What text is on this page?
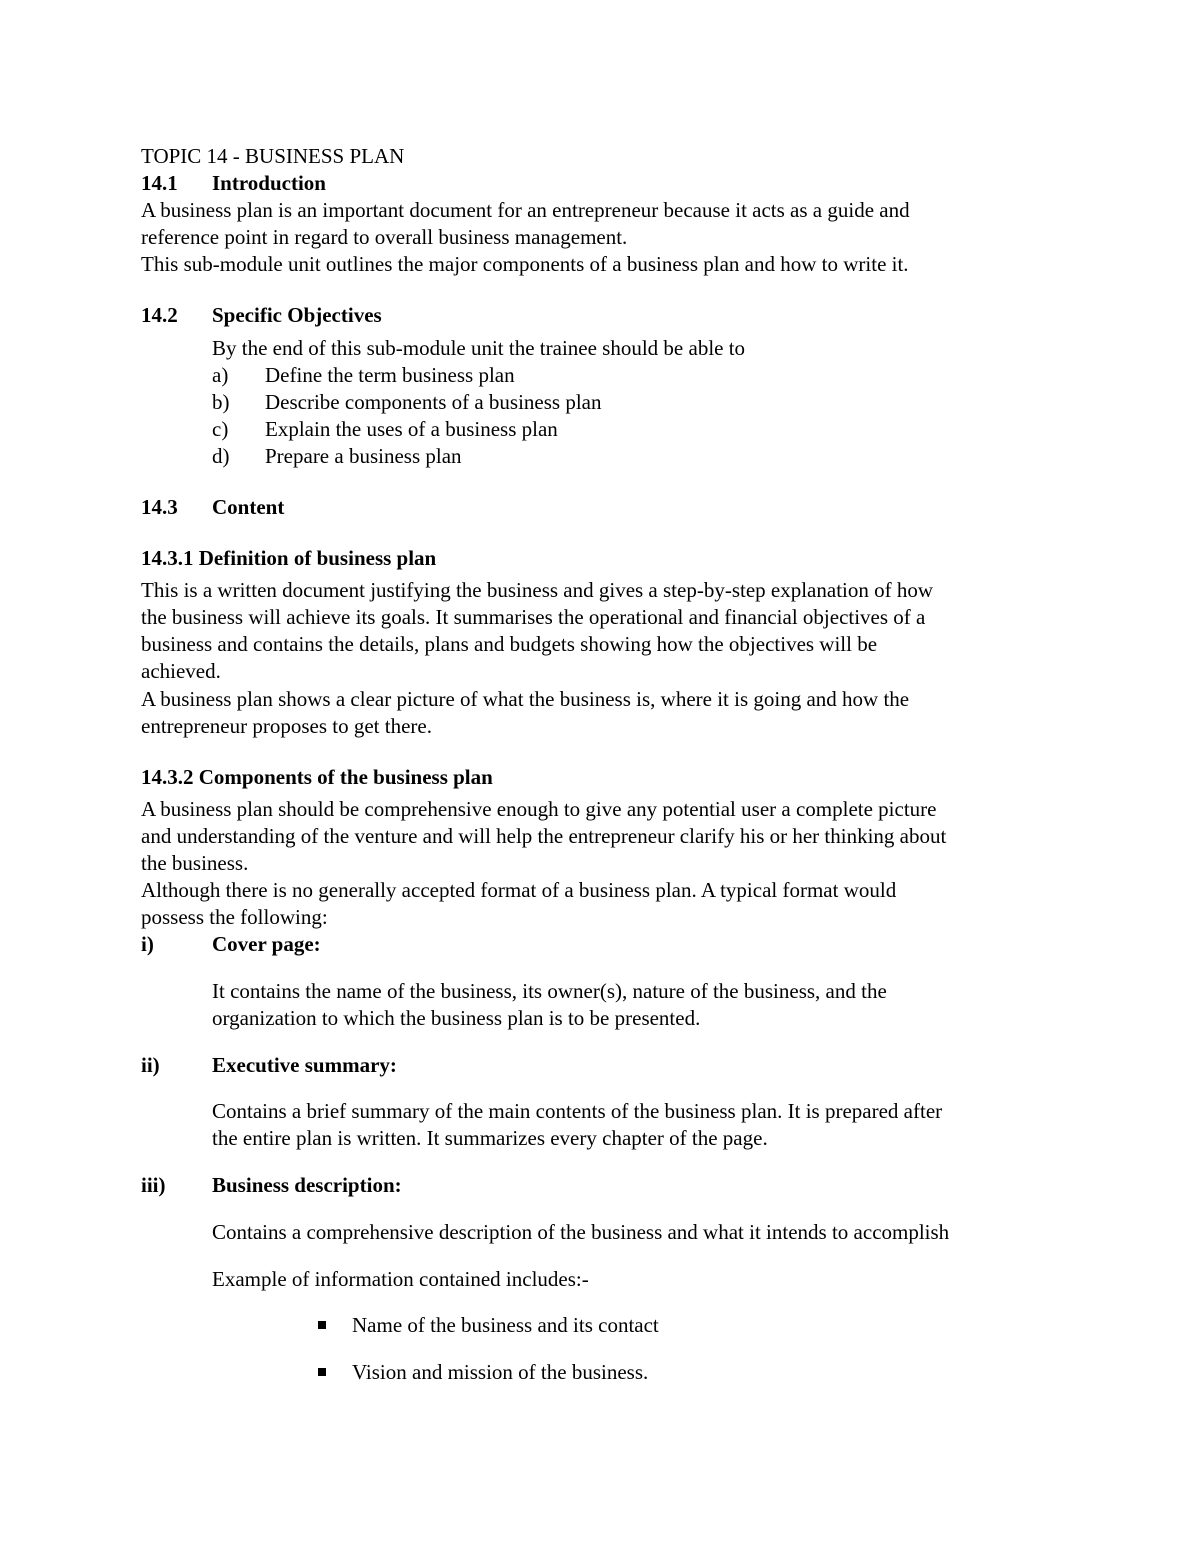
TOPIC 14 - BUSINESS PLAN
14.1 Introduction
A business plan is an important document for an entrepreneur because it acts as a guide and
reference point in regard to overall business management.
This sub-module unit outlines the major components of a business plan and how to write it.
14.2 Specific Objectives
By the end of this sub-module unit the trainee should be able to
a) Define the term business plan
b) Describe components of a business plan
c) Explain the uses of a business plan
d) Prepare a business plan
14.3 Content
14.3.1 Definition of business plan
This is a written document justifying the business and gives a step-by-step explanation of how
the business will achieve its goals. It summarises the operational and financial objectives of a
business and contains the details, plans and budgets showing how the objectives will be
achieved.
A business plan shows a clear picture of what the business is, where it is going and how the
entrepreneur proposes to get there.
14.3.2 Components of the business plan
A business plan should be comprehensive enough to give any potential user a complete picture
and understanding of the venture and will help the entrepreneur clarify his or her thinking about
the business.
Although there is no generally accepted format of a business plan. A typical format would
possess the following:
i)	Cover page:
It contains the name of the business, its owner(s), nature of the business, and the
organization to which the business plan is to be presented.
ii) Executive summary:
Contains a brief summary of the main contents of the business plan. It is prepared after
the entire plan is written. It summarizes every chapter of the page.
iii) Business description:
Contains a comprehensive description of the business and what it intends to accomplish
Example of information contained includes:-
Name of the business and its contact
Vision and mission of the business.
